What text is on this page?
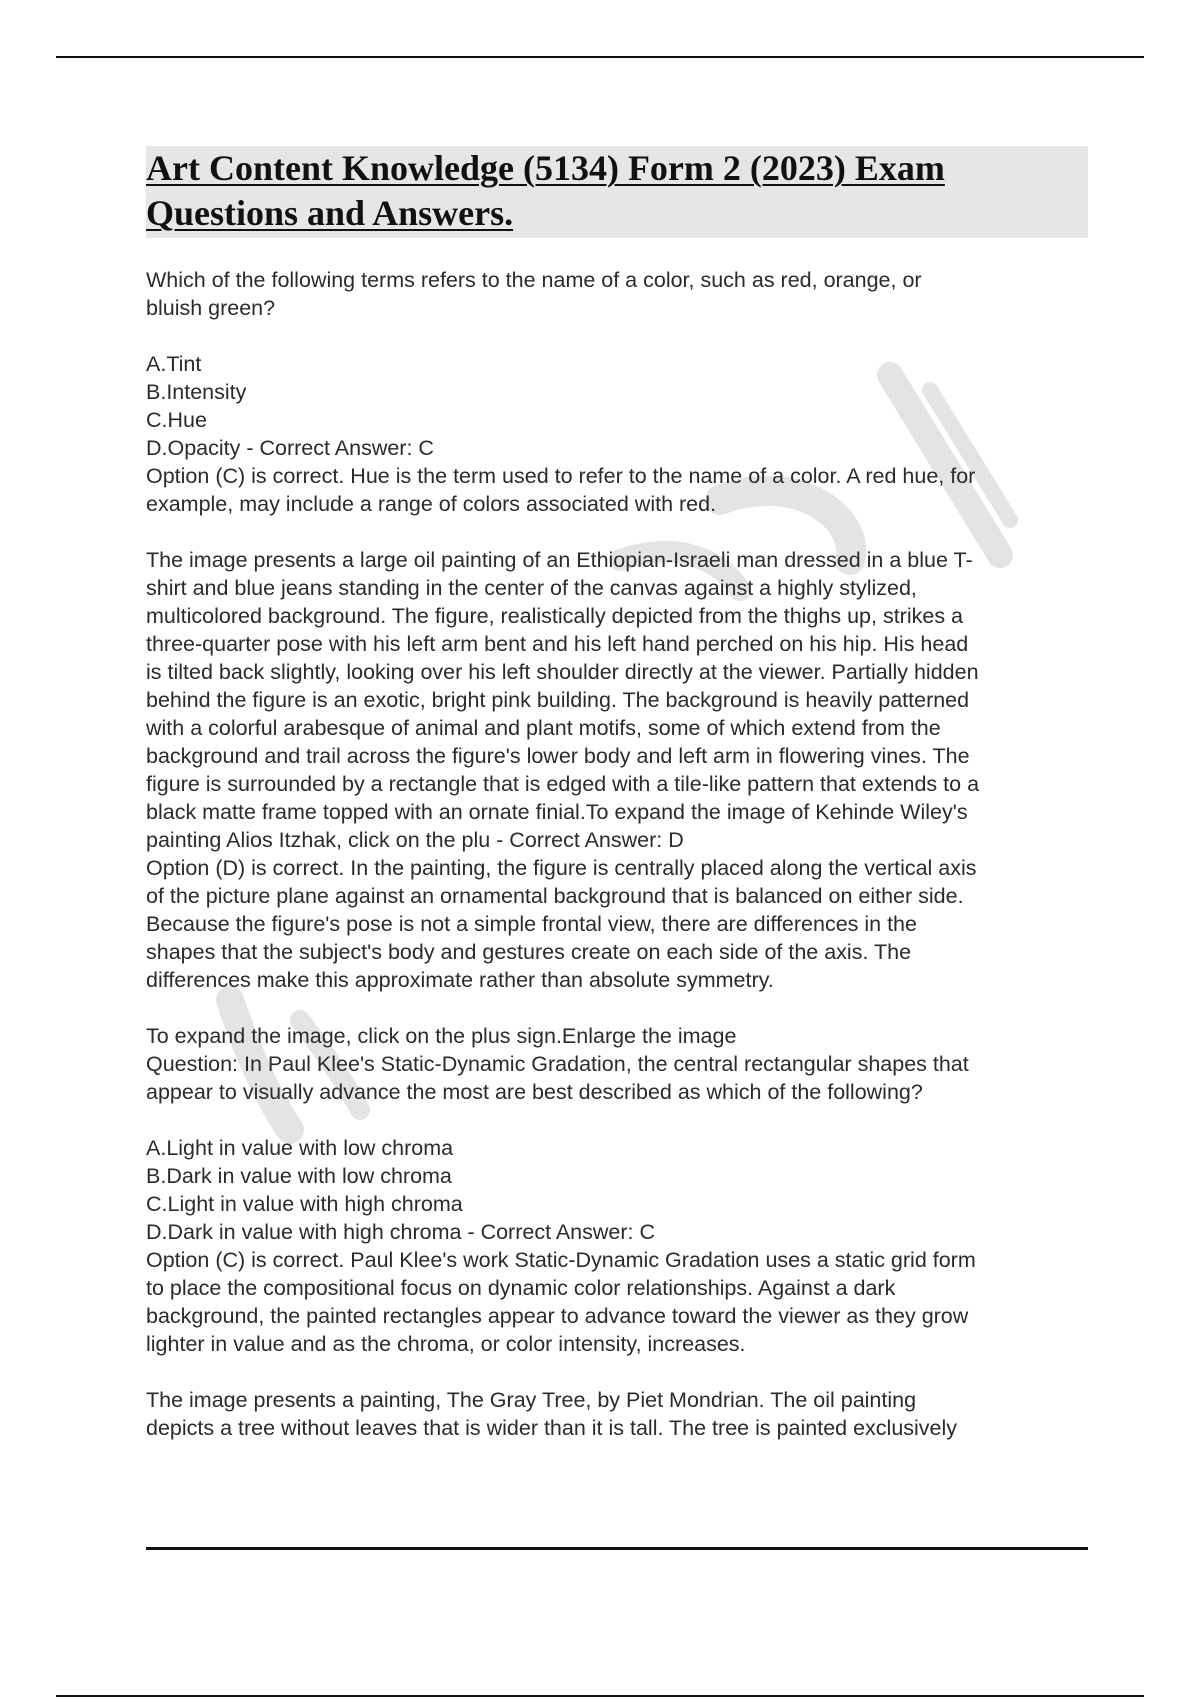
Art Content Knowledge (5134) Form 2 (2023) Exam
Questions and Answers.
Which of the following terms refers to the name of a color, such as red, orange, or
bluish green?
A.Tint
B.Intensity
C.Hue
D.Opacity - Correct Answer: C
Option (C) is correct. Hue is the term used to refer to the name of a color. A red hue, for
example, may include a range of colors associated with red.
The image presents a large oil painting of an Ethiopian-Israeli man dressed in a blue T-
shirt and blue jeans standing in the center of the canvas against a highly stylized,
multicolored background. The figure, realistically depicted from the thighs up, strikes a
three-quarter pose with his left arm bent and his left hand perched on his hip. His head
is tilted back slightly, looking over his left shoulder directly at the viewer. Partially hidden
behind the figure is an exotic, bright pink building. The background is heavily patterned
with a colorful arabesque of animal and plant motifs, some of which extend from the
background and trail across the figure's lower body and left arm in flowering vines. The
figure is surrounded by a rectangle that is edged with a tile-like pattern that extends to a
black matte frame topped with an ornate finial.To expand the image of Kehinde Wiley's
painting Alios Itzhak, click on the plu - Correct Answer: D
Option (D) is correct. In the painting, the figure is centrally placed along the vertical axis
of the picture plane against an ornamental background that is balanced on either side.
Because the figure's pose is not a simple frontal view, there are differences in the
shapes that the subject's body and gestures create on each side of the axis. The
differences make this approximate rather than absolute symmetry.
To expand the image, click on the plus sign.Enlarge the image
Question: In Paul Klee's Static-Dynamic Gradation, the central rectangular shapes that
appear to visually advance the most are best described as which of the following?
A.Light in value with low chroma
B.Dark in value with low chroma
C.Light in value with high chroma
D.Dark in value with high chroma - Correct Answer: C
Option (C) is correct. Paul Klee's work Static-Dynamic Gradation uses a static grid form
to place the compositional focus on dynamic color relationships. Against a dark
background, the painted rectangles appear to advance toward the viewer as they grow
lighter in value and as the chroma, or color intensity, increases.
The image presents a painting, The Gray Tree, by Piet Mondrian. The oil painting
depicts a tree without leaves that is wider than it is tall. The tree is painted exclusively
